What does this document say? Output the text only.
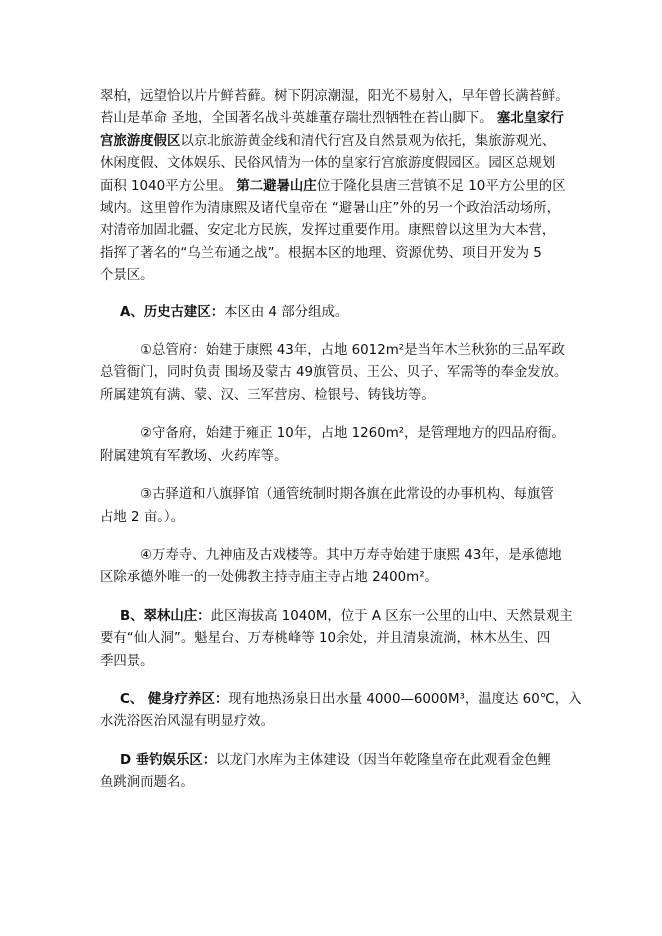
翠柏，远望恰以片片鲜苔藓。树下阴凉潮湿，阳光不易射入，早年曾长满苔鲜。
苔山是革命 圣地，全国著名战斗英雄董存瑞壮烈牺牲在苔山脚下。 塞北皇家行
宫旅游度假区以京北旅游黄金线和清代行宫及自然景观为依托，集旅游观光、
休闲度假、文体娱乐、民俗风情为一体的皇家行宫旅游度假园区。园区总规划
面积 1040平方公里。 第二避暑山庄位于隆化县唐三营镇不足 10平方公里的区
域内。这里曾作为清康熙及诸代皇帝在 “避暑山庄”外的另一个政治活动场所，
对清帝加固北疆、安定北方民族，发挥过重要作用。康熙曾以这里为大本营，
指挥了著名的“乌兰布通之战”。根据本区的地理、资源优势、项目开发为 5
个景区。

A、历史古建区：本区由 4 部分组成。

①总管府：始建于康熙 43年，占地 6012m²是当年木兰秋狝的三品军政
总管衙门，同时负责 围场及蒙古 49旗管员、王公、贝子、军需等的奉金发放。
所属建筑有满、蒙、汉、三军营房、检银号、铸钱坊等。

②守备府，始建于雍正 10年，占地 1260m²，是管理地方的四品府衙。
附属建筑有军教场、火药库等。

③古驿道和八旗驿馆（通管统制时期各旗在此常设的办事机构、每旗管
占地 2 亩。）。

④万寿寺、九神庙及古戏楼等。其中万寿寺始建于康熙 43年，是承德地
区除承德外唯一的一处佛教主持寺庙主寺占地 2400m²。

B、翠林山庄：此区海拔高 1040M，位于 A 区东一公里的山中、天然景观主
要有“仙人洞”。魁星台、万寿桃峰等 10余处，并且清泉流淌，林木丛生、四
季四景。

C、 健身疗养区：现有地热汤泉日出水量 4000—6000M³，温度达 60℃，入
水洗浴医治风湿有明显疗效。

D 垂钓娱乐区：以龙门水库为主体建设（因当年乾隆皇帝在此观看金色鲤
鱼跳涧而题名。
